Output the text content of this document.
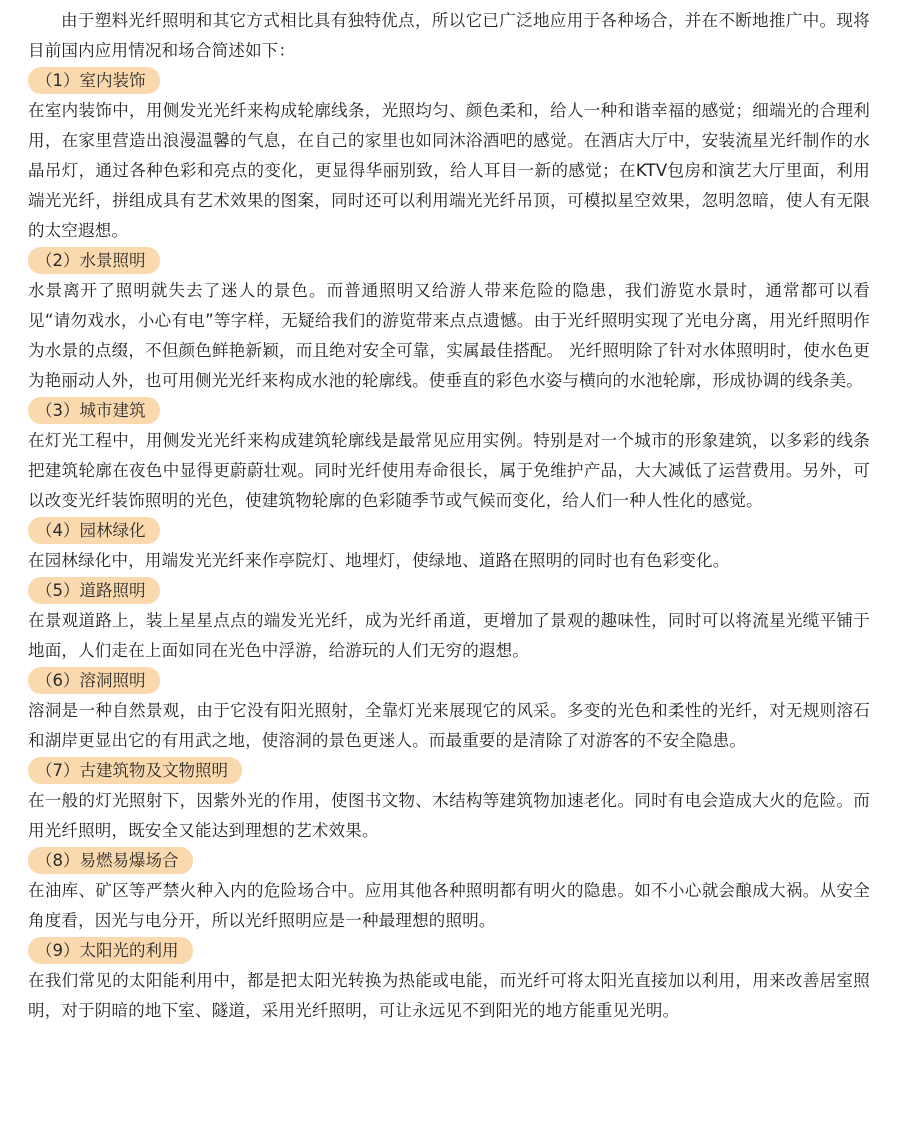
由于塑料光纤照明和其它方式相比具有独特优点，所以它已广泛地应用于各种场合，并在不断地推广中。现将目前国内应用情况和场合简述如下：

（1）室内装饰

在室内装饰中，用侧发光光纤来构成轮廓线条，光照均匀、颜色柔和，给人一种和谐幸福的感觉；细端光的合理利用，在家里营造出浪漫温馨的气息，在自己的家里也如同沐浴酒吧的感觉。在酒店大厅中，安装流星光纤制作的水晶吊灯，通过各种色彩和亮点的变化，更显得华丽别致，给人耳目一新的感觉；在KTV包房和演艺大厅里面，利用端光光纤，拼组成具有艺术效果的图案，同时还可以利用端光光纤吊顶，可模拟星空效果，忽明忽暗，使人有无限的太空遐想。

（2）水景照明

水景离开了照明就失去了迷人的景色。而普通照明又给游人带来危险的隐患，我们游览水景时，通常都可以看见“请勿戏水，小心有电”等字样，无疑给我们的游览带来点点遗憾。由于光纤照明实现了光电分离，用光纤照明作为水景的点缀，不但颜色鲜艳新颖，而且绝对安全可靠，实属最佳搭配。 光纤照明除了针对水体照明时，使水色更为艳丽动人外，也可用侧光光纤来构成水池的轮廓线。使垂直的彩色水姿与横向的水池轮廓，形成协调的线条美。

（3）城市建筑

在灯光工程中，用侧发光光纤来构成建筑轮廓线是最常见应用实例。特别是对一个城市的形象建筑，以多彩的线条把建筑轮廓在夜色中显得更蔚蔚壮观。同时光纤使用寿命很长，属于免维护产品，大大减低了运营费用。另外，可以改变光纤装饰照明的光色，使建筑物轮廓的色彩随季节或气候而变化，给人们一种人性化的感觉。

（4）园林绿化

在园林绿化中，用端发光光纤来作亭院灯、地埋灯，使绿地、道路在照明的同时也有色彩变化。

（5）道路照明

在景观道路上，装上星星点点的端发光光纤，成为光纤甬道，更增加了景观的趣味性，同时可以将流星光缆平铺于地面，人们走在上面如同在光色中浮游，给游玩的人们无穷的遐想。

（6）溶洞照明

溶洞是一种自然景观，由于它没有阳光照射，全靠灯光来展现它的风采。多变的光色和柔性的光纤，对无规则溶石和湖岸更显出它的有用武之地，使溶洞的景色更迷人。而最重要的是清除了对游客的不安全隐患。

（7）古建筑物及文物照明

在一般的灯光照射下，因紫外光的作用，使图书文物、木结构等建筑物加速老化。同时有电会造成大火的危险。而用光纤照明，既安全又能达到理想的艺术效果。

（8）易燃易爆场合

在油库、矿区等严禁火种入内的危险场合中。应用其他各种照明都有明火的隐患。如不小心就会酿成大祸。从安全角度看，因光与电分开，所以光纤照明应是一种最理想的照明。

（9）太阳光的利用

在我们常见的太阳能利用中，都是把太阳光转换为热能或电能，而光纤可将太阳光直接加以利用，用来改善居室照明，对于阴暗的地下室、隧道，采用光纤照明，可让永远见不到阳光的地方能重见光明。
